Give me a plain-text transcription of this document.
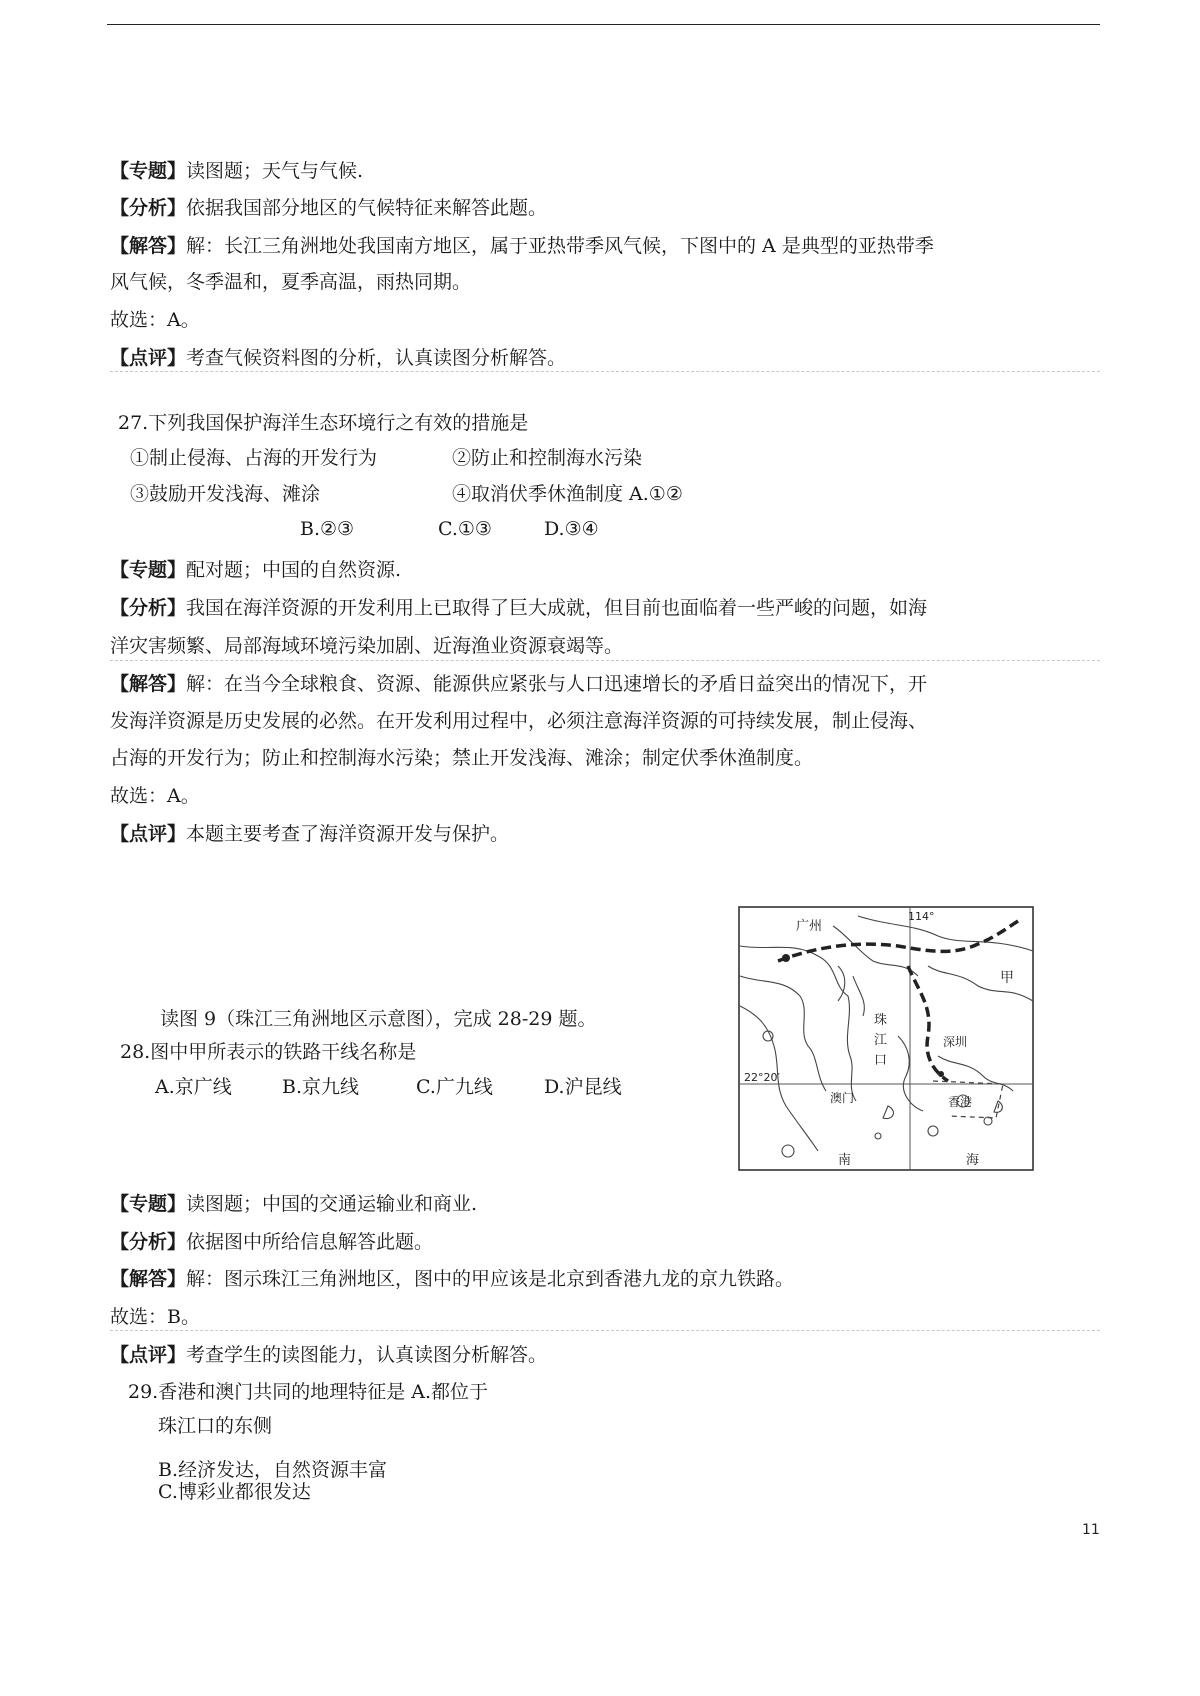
【专题】读图题；天气与气候.
【分析】依据我国部分地区的气候特征来解答此题。
【解答】解：长江三角洲地处我国南方地区，属于亚热带季风气候，下图中的 A 是典型的亚热带季
风气候，冬季温和，夏季高温，雨热同期。
故选：A。
【点评】考查气候资料图的分析，认真读图分析解答。
27.下列我国保护海洋生态环境行之有效的措施是
①制止侵海、占海的开发行为	②防止和控制海水污染
③鼓励开发浅海、滩涂	④取消伏季休渔制度 A.①②
B.②③	C.①③	D.③④
【专题】配对题；中国的自然资源.
【分析】我国在海洋资源的开发利用上已取得了巨大成就，但目前也面临着一些严峻的问题，如海
洋灾害频繁、局部海域环境污染加剧、近海渔业资源衰竭等。
【解答】解：在当今全球粮食、资源、能源供应紧张与人口迅速增长的矛盾日益突出的情况下，开
发海洋资源是历史发展的必然。在开发利用过程中，必须注意海洋资源的可持续发展，制止侵海、
占海的开发行为；防止和控制海水污染；禁止开发浅海、滩涂；制定伏季休渔制度。
故选：A。
【点评】本题主要考查了海洋资源开发与保护。
读图 9（珠江三角洲地区示意图），完成 28-29 题。
28.图中甲所表示的铁路干线名称是
A.京广线	B.京九线	C.广九线	D.沪昆线
广州
114°
甲
珠
江
口
深圳
22°20′
澳门	香港
南	海
【专题】读图题；中国的交通运输业和商业.
【分析】依据图中所给信息解答此题。
【解答】解：图示珠江三角洲地区，图中的甲应该是北京到香港九龙的京九铁路。
故选：B。
【点评】考查学生的读图能力，认真读图分析解答。
29.香港和澳门共同的地理特征是 A.都位于
珠江口的东侧
B.经济发达，自然资源丰富
C.博彩业都很发达
11
